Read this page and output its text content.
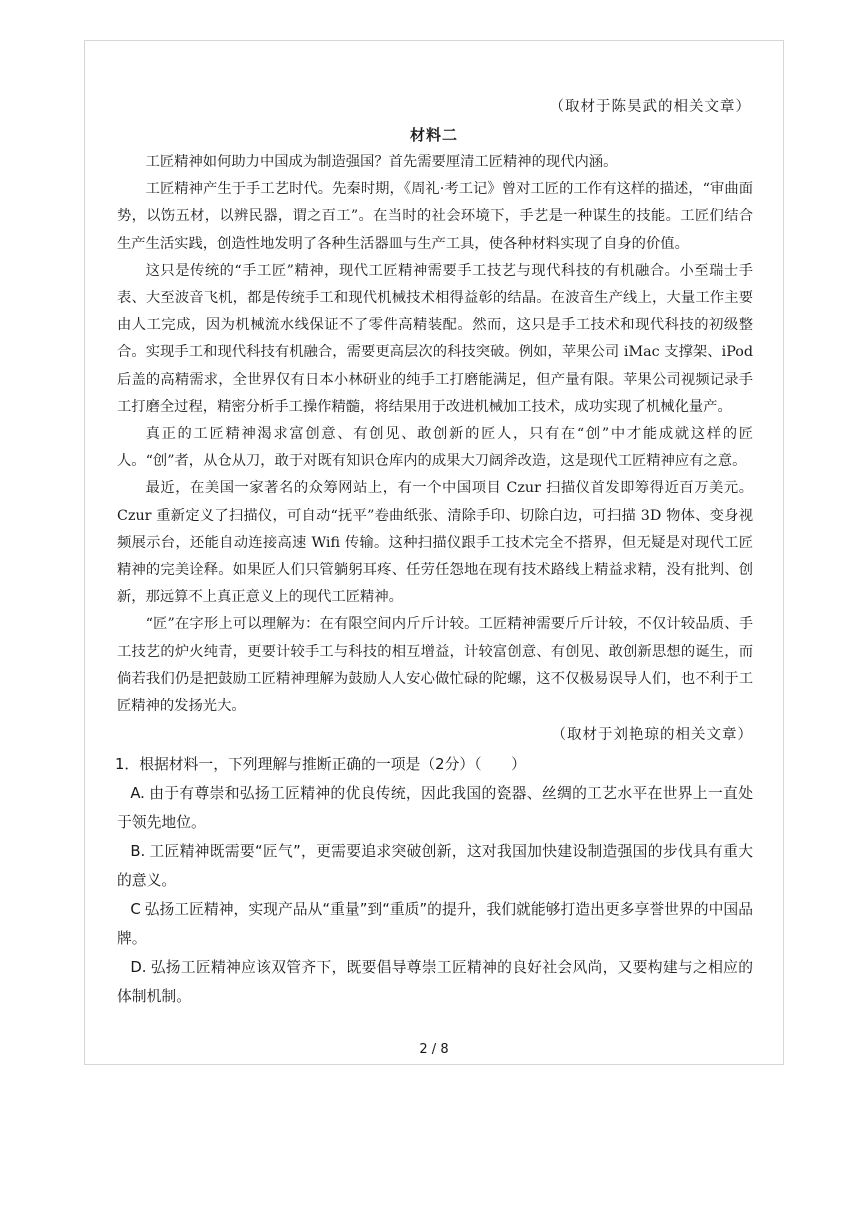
（取材于陈昊武的相关文章）
材料二

工匠精神如何助力中国成为制造强国？首先需要厘清工匠精神的现代内涵。

工匠精神产生于手工艺时代。先秦时期，《周礼·考工记》曾对工匠的工作有这样的描述，“审曲面势，以饬五材，以辨民器，谓之百工”。在当时的社会环境下，手艺是一种谋生的技能。工匠们结合生产生活实践，创造性地发明了各种生活器皿与生产工具，使各种材料实现了自身的价值。

这只是传统的“手工匠”精神，现代工匠精神需要手工技艺与现代科技的有机融合。小至瑞士手表、大至波音飞机，都是传统手工和现代机械技术相得益彰的结晶。在波音生产线上，大量工作主要由人工完成，因为机械流水线保证不了零件高精装配。然而，这只是手工技术和现代科技的初级整合。实现手工和现代科技有机融合，需要更高层次的科技突破。例如，苹果公司 iMac 支撑架、iPod 后盖的高精需求，全世界仅有日本小林研业的纯手工打磨能满足，但产量有限。苹果公司视频记录手工打磨全过程，精密分析手工操作精髓，将结果用于改进机械加工技术，成功实现了机械化量产。

真正的工匠精神渴求富创意、有创见、敢创新的匠人，只有在“创”中才能成就这样的匠人。“创”者，从仓从刀，敢于对既有知识仓库内的成果大刀阔斧改造，这是现代工匠精神应有之意。

最近，在美国一家著名的众筹网站上，有一个中国项目 Czur 扫描仪首发即筹得近百万美元。Czur 重新定义了扫描仪，可自动“抚平”卷曲纸张、清除手印、切除白边，可扫描 3D 物体、变身视频展示台，还能自动连接高速 Wifi 传输。这种扫描仪跟手工技术完全不搭界，但无疑是对现代工匠精神的完美诠释。如果匠人们只管躺躬耳疼、任劳任怨地在现有技术路线上精益求精，没有批判、创新，那远算不上真正意义上的现代工匠精神。

“匠”在字形上可以理解为：在有限空间内斤斤计较。工匠精神需要斤斤计较，不仅计较品质、手工技艺的炉火纯青，更要计较手工与科技的相互增益，计较富创意、有创见、敢创新思想的诞生，而倘若我们仍是把鼓励工匠精神理解为鼓励人人安心做忙碌的陀螺，这不仅极易误导人们，也不利于工匠精神的发扬光大。

（取材于刘艳琼的相关文章）

1．根据材料一，下列理解与推断正确的一项是（2分）（　　）

A. 由于有尊崇和弘扬工匠精神的优良传统，因此我国的瓷器、丝绸的工艺水平在世界上一直处于领先地位。

B. 工匠精神既需要“匠气”，更需要追求突破创新，这对我国加快建设制造强国的步伐具有重大的意义。

C 弘扬工匠精神，实现产品从“重量”到“重质”的提升，我们就能够打造出更多享誉世界的中国品牌。

D. 弘扬工匠精神应该双管齐下，既要倡导尊崇工匠精神的良好社会风尚，又要构建与之相应的体制机制。

2 / 8
